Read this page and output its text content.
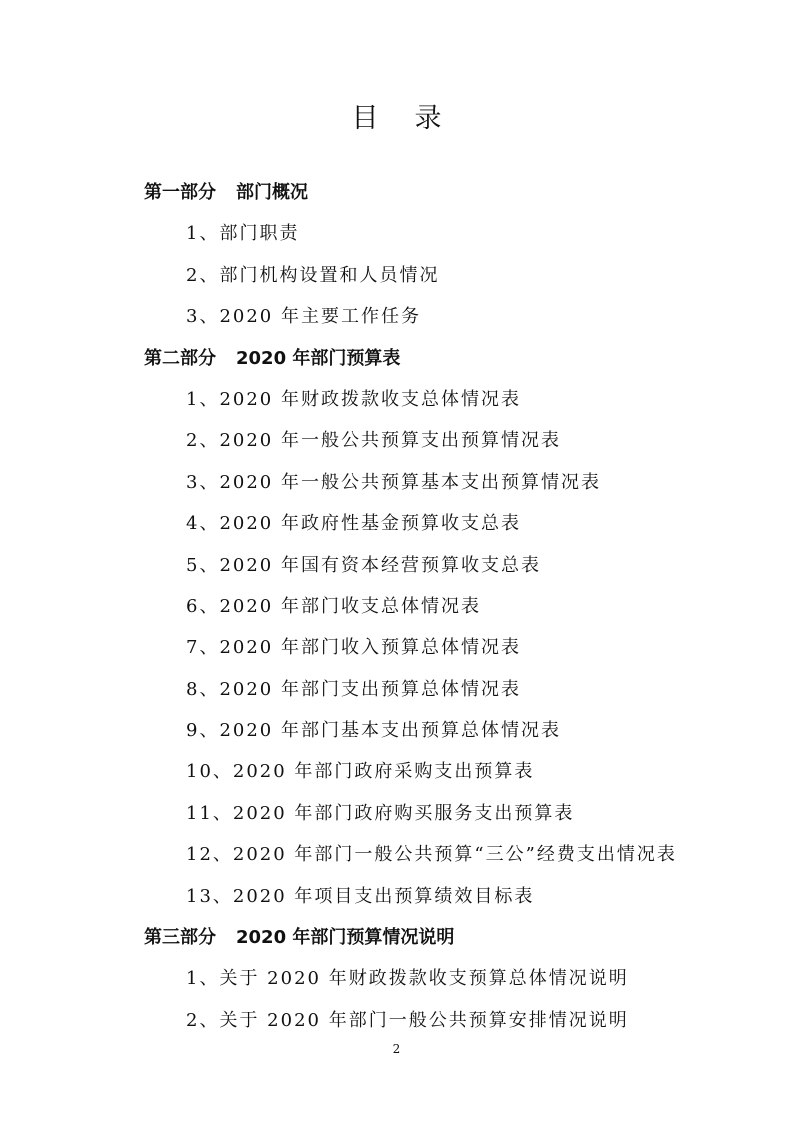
目录
第一部分 部门概况
1、部门职责
2、部门机构设置和人员情况
3、2020 年主要工作任务
第二部分 2020 年部门预算表
1、2020 年财政拨款收支总体情况表
2、2020 年一般公共预算支出预算情况表
3、2020 年一般公共预算基本支出预算情况表
4、2020 年政府性基金预算收支总表
5、2020 年国有资本经营预算收支总表
6、2020 年部门收支总体情况表
7、2020 年部门收入预算总体情况表
8、2020 年部门支出预算总体情况表
9、2020 年部门基本支出预算总体情况表
10、2020 年部门政府采购支出预算表
11、2020 年部门政府购买服务支出预算表
12、2020 年部门一般公共预算“三公”经费支出情况表
13、2020 年项目支出预算绩效目标表
第三部分 2020 年部门预算情况说明
1、关于 2020 年财政拨款收支预算总体情况说明
2、关于 2020 年部门一般公共预算安排情况说明
2
